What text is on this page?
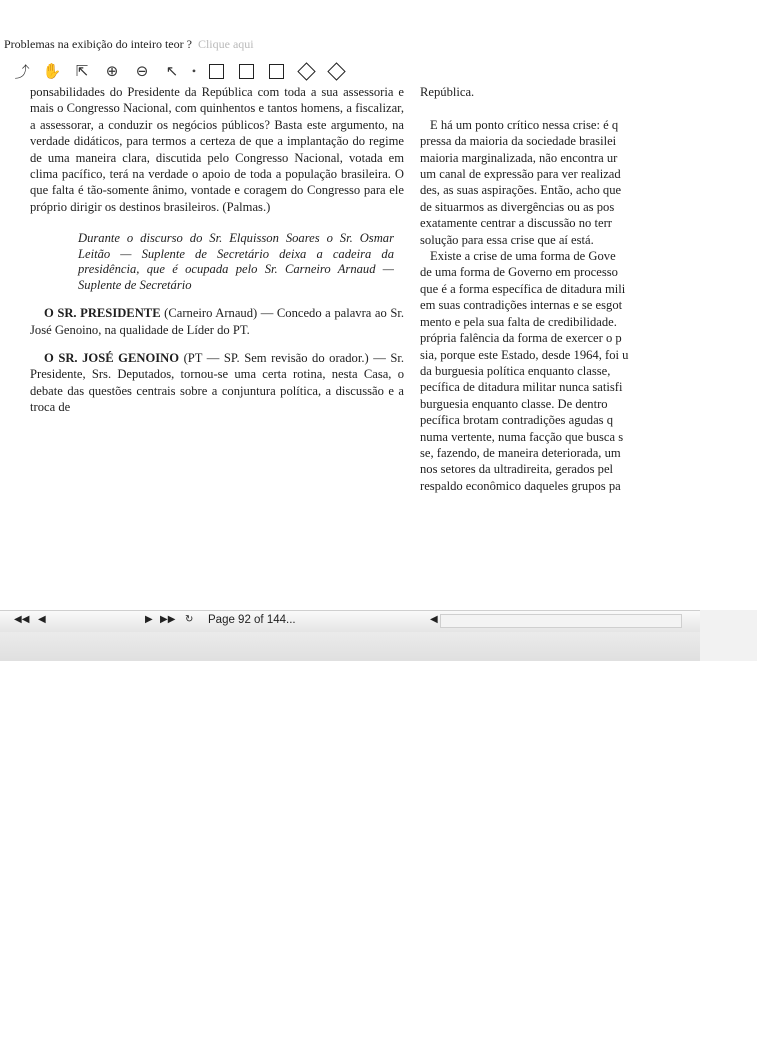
Problemas na exibição do inteiro teor ? Clique aqui
⤴ ✋ ⇱	⊕	⊖	↖	•

ponsabilidades do Presidente da República com toda a sua assessoria e mais o Congresso Nacional, com quinhentos e tantos homens, a fiscalizar, a assessorar, a conduzir os negócios públicos? Basta este argumento, na verdade didáticos, para termos a certeza de que a implantação do regime de uma maneira clara, discutida pelo Congresso Nacional, votada em clima pacífico, terá na verdade o apoio de toda a população brasileira. O que falta é tão-somente ânimo, vontade e coragem do Congresso para ele próprio dirigir os destinos brasileiros. (Palmas.)

Durante o discurso do Sr. Elquisson Soares o Sr. Osmar Leitão — Suplente de Secretário deixa a cadeira da presidência, que é ocupada pelo Sr. Carneiro Arnaud — Suplente de Secretário

O SR. PRESIDENTE (Carneiro Arnaud) — Concedo a palavra ao Sr. José Genoino, na qualidade de Líder do PT.

O SR. JOSÉ GENOINO (PT — SP. Sem revisão do orador.) — Sr. Presidente, Srs. Deputados, tornou-se uma certa rotina, nesta Casa, o debate das questões centrais sobre a conjuntura política, a discussão e a troca de

República.

E há um ponto crítico nessa crise: é q

pressa da maioria da sociedade brasilei

maioria marginalizada, não encontra ur

um canal de expressão para ver realizad

des, as suas aspirações. Então, acho que

de situarmos as divergências ou as pos

exatamente centrar a discussão no terr

solução para essa crise que aí está.

Existe a crise de uma forma de Gove

de uma forma de Governo em processo

que é a forma específica de ditadura mili

em suas contradições internas e se esgot

mento e pela sua falta de credibilidade.

própria falência da forma de exercer o p

sia, porque este Estado, desde 1964, foi u

da burguesia política enquanto classe,

pecífica de ditadura militar nunca satisfi

burguesia enquanto classe. De dentro

pecífica brotam contradições agudas q

numa vertente, numa facção que busca s

se, fazendo, de maneira deteriorada, um

nos setores da ultradireita, gerados pel

respaldo econômico daqueles grupos pa

◀◀ ◀	▶ ▶▶ ↻ Page 92 of 144...	◀
